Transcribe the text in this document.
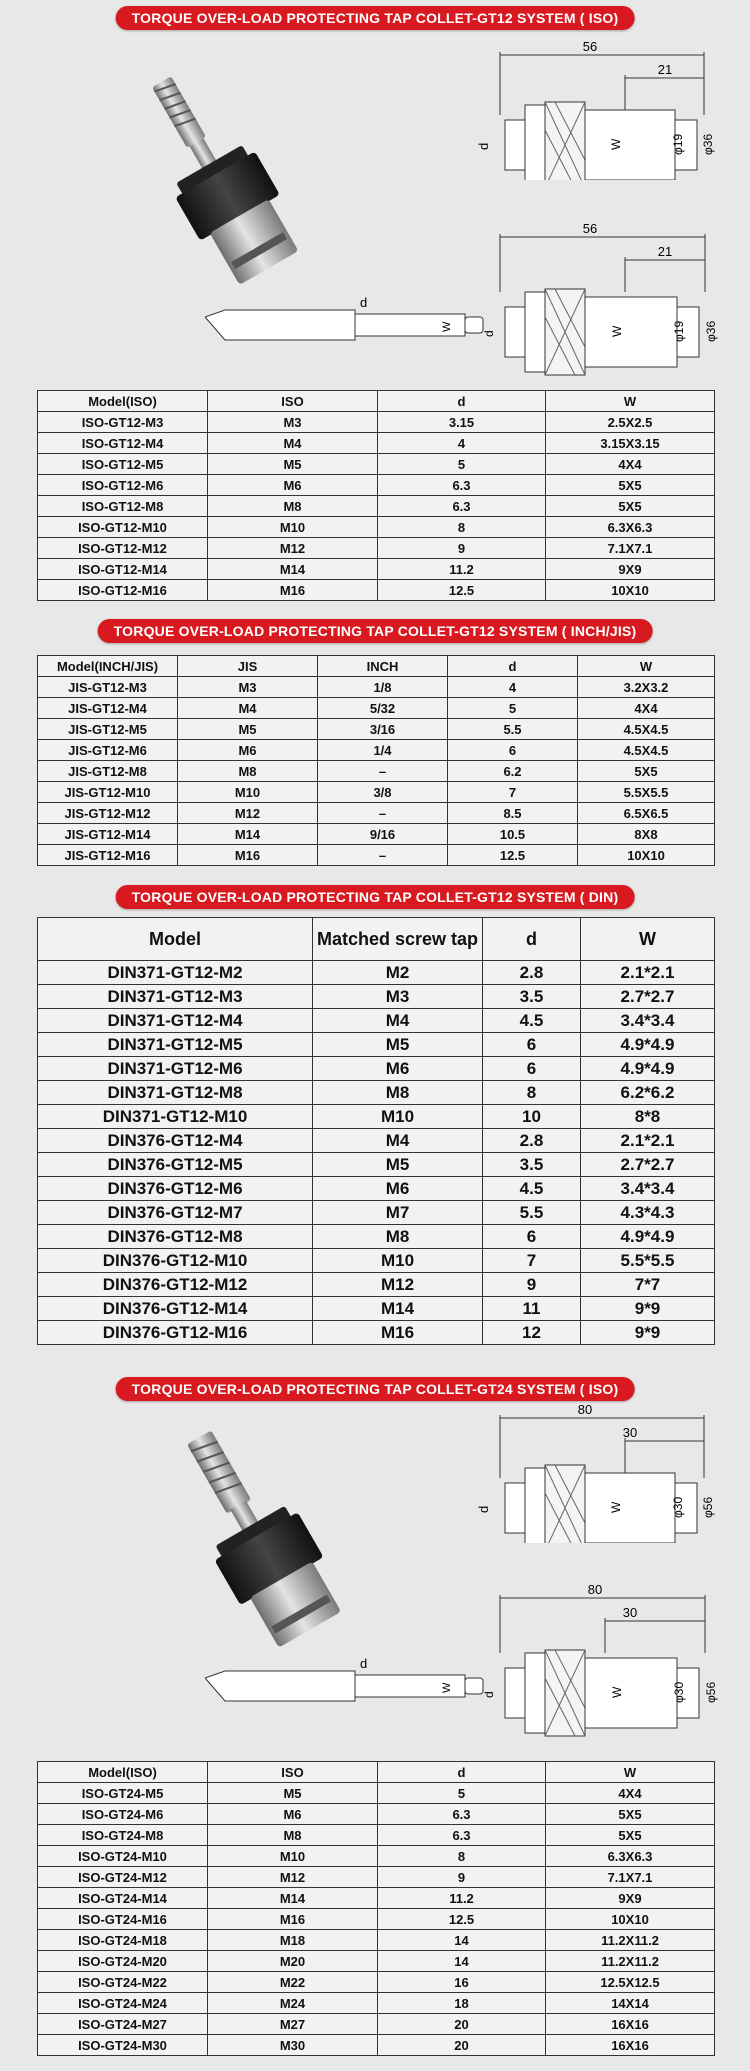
TORQUE OVER-LOAD PROTECTING TAP COLLET-GT12 SYSTEM ( ISO)
56
21
d	W	φ19 φ36
56
21
d
W
d	W	φ19 φ36
Model(ISO)	ISO	d	W
ISO-GT12-M3	M3	3.15	2.5X2.5
ISO-GT12-M4	M4	4	3.15X3.15
ISO-GT12-M5	M5	5	4X4
ISO-GT12-M6	M6	6.3	5X5
ISO-GT12-M8	M8	6.3	5X5
ISO-GT12-M10	M10	8	6.3X6.3
ISO-GT12-M12	M12	9	7.1X7.1
ISO-GT12-M14	M14	11.2	9X9
ISO-GT12-M16	M16	12.5	10X10
TORQUE OVER-LOAD PROTECTING TAP COLLET-GT12 SYSTEM ( INCH/JIS)
Model(INCH/JIS)	JIS	INCH	d	W
JIS-GT12-M3	M3	1/8	4	3.2X3.2
JIS-GT12-M4	M4	5/32	5	4X4
JIS-GT12-M5	M5	3/16	5.5	4.5X4.5
JIS-GT12-M6	M6	1/4	6	4.5X4.5
JIS-GT12-M8	M8	–	6.2	5X5
JIS-GT12-M10	M10	3/8	7	5.5X5.5
JIS-GT12-M12	M12	–	8.5	6.5X6.5
JIS-GT12-M14	M14	9/16	10.5	8X8
JIS-GT12-M16	M16	–	12.5	10X10
TORQUE OVER-LOAD PROTECTING TAP COLLET-GT12 SYSTEM ( DIN)
Model	Matched screw tap	d	W
DIN371-GT12-M2	M2	2.8	2.1*2.1
DIN371-GT12-M3	M3	3.5	2.7*2.7
DIN371-GT12-M4	M4	4.5	3.4*3.4
DIN371-GT12-M5	M5	6	4.9*4.9
DIN371-GT12-M6	M6	6	4.9*4.9
DIN371-GT12-M8	M8	8	6.2*6.2
DIN371-GT12-M10	M10	10	8*8
DIN376-GT12-M4	M4	2.8	2.1*2.1
DIN376-GT12-M5	M5	3.5	2.7*2.7
DIN376-GT12-M6	M6	4.5	3.4*3.4
DIN376-GT12-M7	M7	5.5	4.3*4.3
DIN376-GT12-M8	M8	6	4.9*4.9
DIN376-GT12-M10	M10	7	5.5*5.5
DIN376-GT12-M12	M12	9	7*7
DIN376-GT12-M14	M14	11	9*9
DIN376-GT12-M16	M16	12	9*9
TORQUE OVER-LOAD PROTECTING TAP COLLET-GT24 SYSTEM ( ISO)
80
30
d	W	φ30 φ56
80
30
d
W
d	W	φ30 φ56
Model(ISO)	ISO	d	W
ISO-GT24-M5	M5	5	4X4
ISO-GT24-M6	M6	6.3	5X5
ISO-GT24-M8	M8	6.3	5X5
ISO-GT24-M10	M10	8	6.3X6.3
ISO-GT24-M12	M12	9	7.1X7.1
ISO-GT24-M14	M14	11.2	9X9
ISO-GT24-M16	M16	12.5	10X10
ISO-GT24-M18	M18	14	11.2X11.2
ISO-GT24-M20	M20	14	11.2X11.2
ISO-GT24-M22	M22	16	12.5X12.5
ISO-GT24-M24	M24	18	14X14
ISO-GT24-M27	M27	20	16X16
ISO-GT24-M30	M30	20	16X16
